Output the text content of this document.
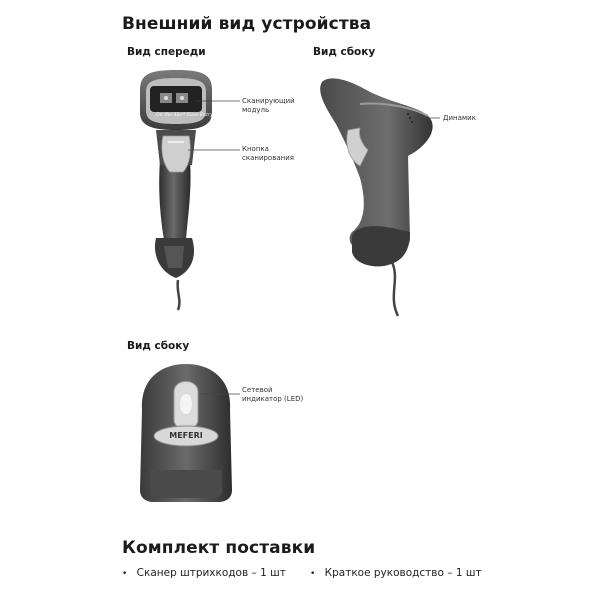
Внешний вид устройства
Вид спереди	Вид сбоку
Вид сбоку
On the Alert Ease Entry
Сканирующий
модуль
Кнопка
сканирования
Динамик
MEFERI
Сетевой
индикатор (LED)
Комплект поставки
• Сканер штрихкодов – 1 шт	• Краткое руководство – 1 шт
